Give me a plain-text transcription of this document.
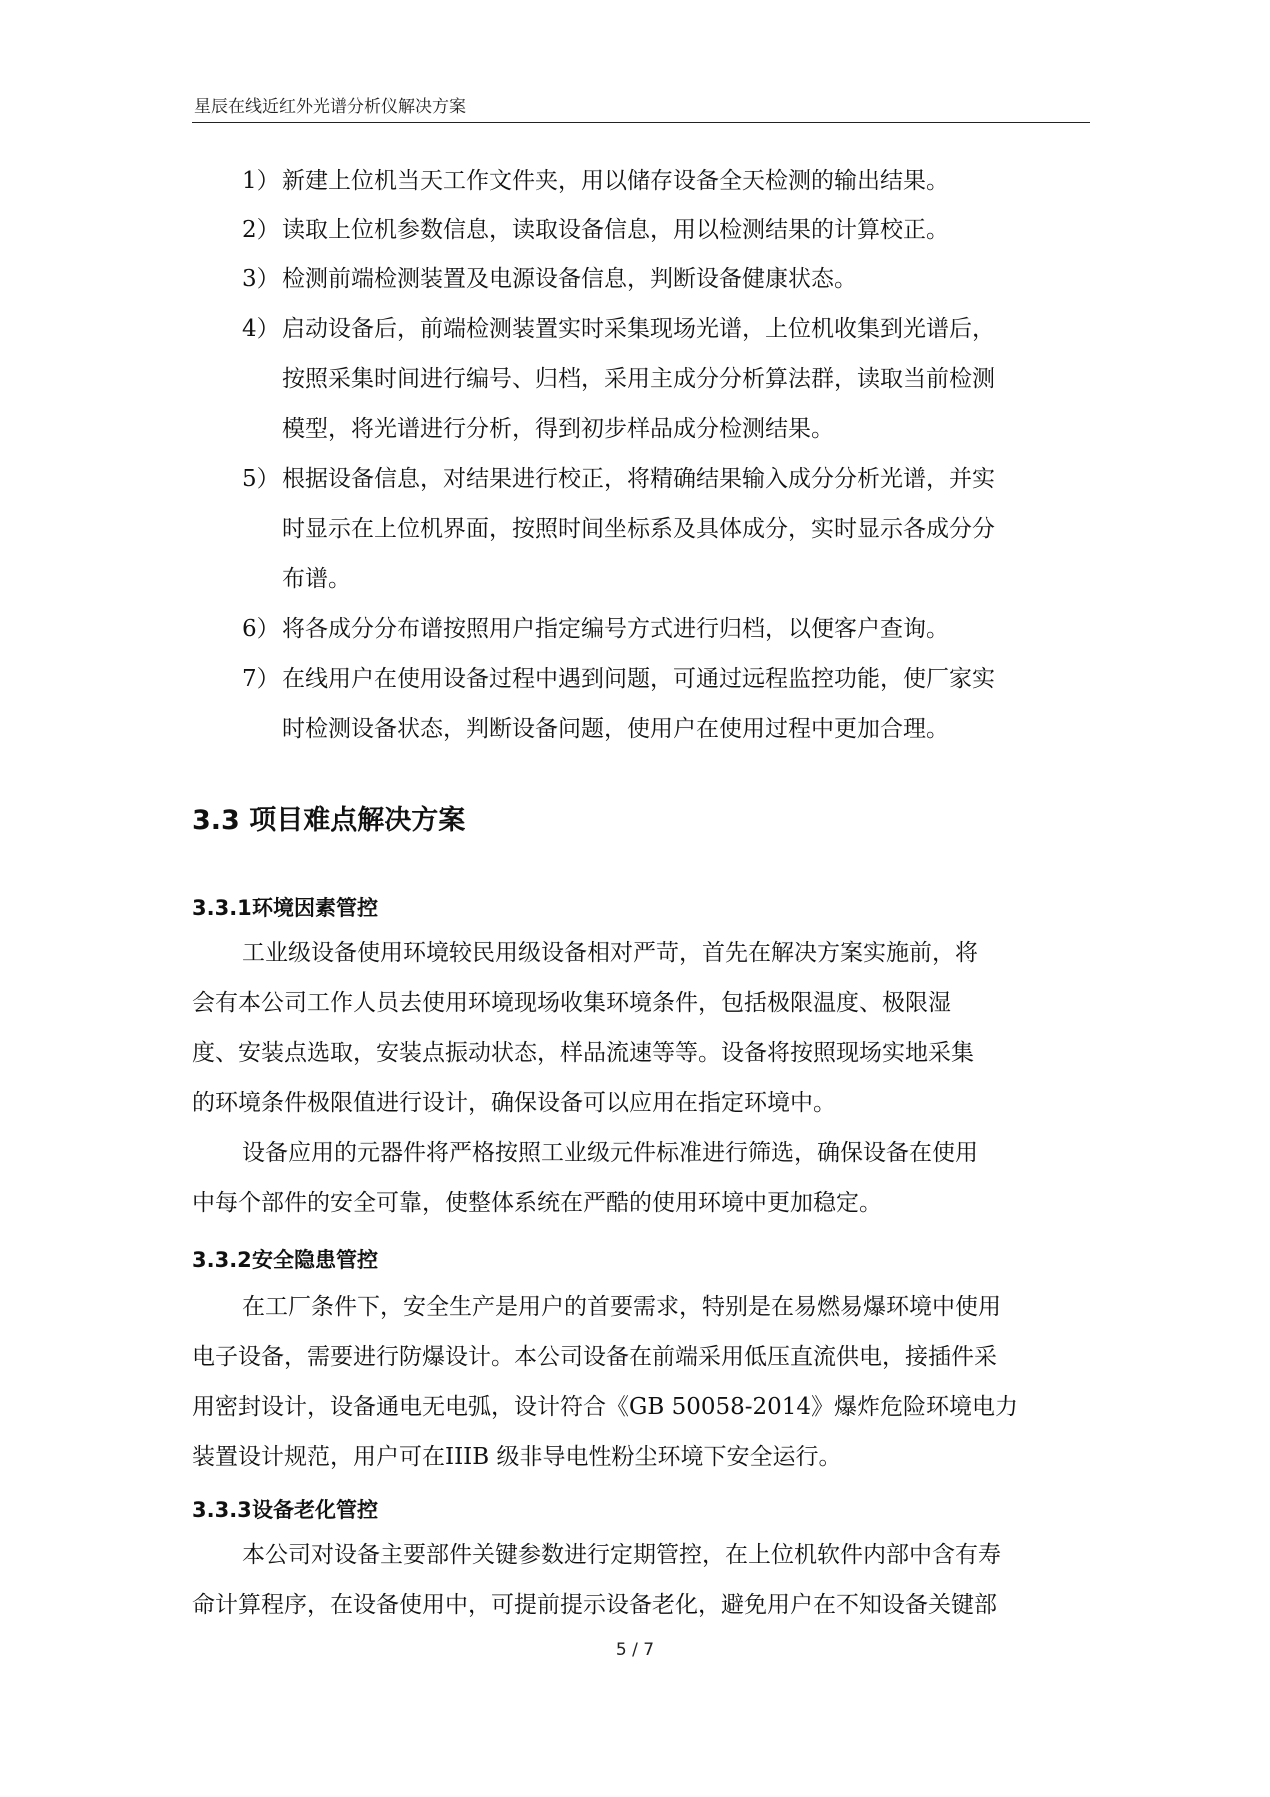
星辰在线近红外光谱分析仪解决方案
1） 新建上位机当天工作文件夹，用以储存设备全天检测的输出结果。
2） 读取上位机参数信息，读取设备信息，用以检测结果的计算校正。
3） 检测前端检测装置及电源设备信息，判断设备健康状态。
4） 启动设备后，前端检测装置实时采集现场光谱，上位机收集到光谱后，
按照采集时间进行编号、归档，采用主成分分析算法群，读取当前检测
模型，将光谱进行分析，得到初步样品成分检测结果。
5） 根据设备信息，对结果进行校正，将精确结果输入成分分析光谱，并实
时显示在上位机界面，按照时间坐标系及具体成分，实时显示各成分分
布谱。
6） 将各成分分布谱按照用户指定编号方式进行归档，以便客户查询。
7） 在线用户在使用设备过程中遇到问题，可通过远程监控功能，使厂家实
时检测设备状态，判断设备问题，使用户在使用过程中更加合理。
3.3 项目难点解决方案
3.3.1环境因素管控
工业级设备使用环境较民用级设备相对严苛，首先在解决方案实施前，将
会有本公司工作人员去使用环境现场收集环境条件，包括极限温度、极限湿
度、安装点选取，安装点振动状态，样品流速等等。设备将按照现场实地采集
的环境条件极限值进行设计，确保设备可以应用在指定环境中。
设备应用的元器件将严格按照工业级元件标准进行筛选，确保设备在使用
中每个部件的安全可靠，使整体系统在严酷的使用环境中更加稳定。
3.3.2安全隐患管控
在工厂条件下，安全生产是用户的首要需求，特别是在易燃易爆环境中使用
电子设备，需要进行防爆设计。本公司设备在前端采用低压直流供电，接插件采
用密封设计，设备通电无电弧，设计符合《GB 50058-2014》爆炸危险环境电力
装置设计规范，用户可在IIIB 级非导电性粉尘环境下安全运行。
3.3.3设备老化管控
本公司对设备主要部件关键参数进行定期管控，在上位机软件内部中含有寿
命计算程序，在设备使用中，可提前提示设备老化，避免用户在不知设备关键部
5 / 7
